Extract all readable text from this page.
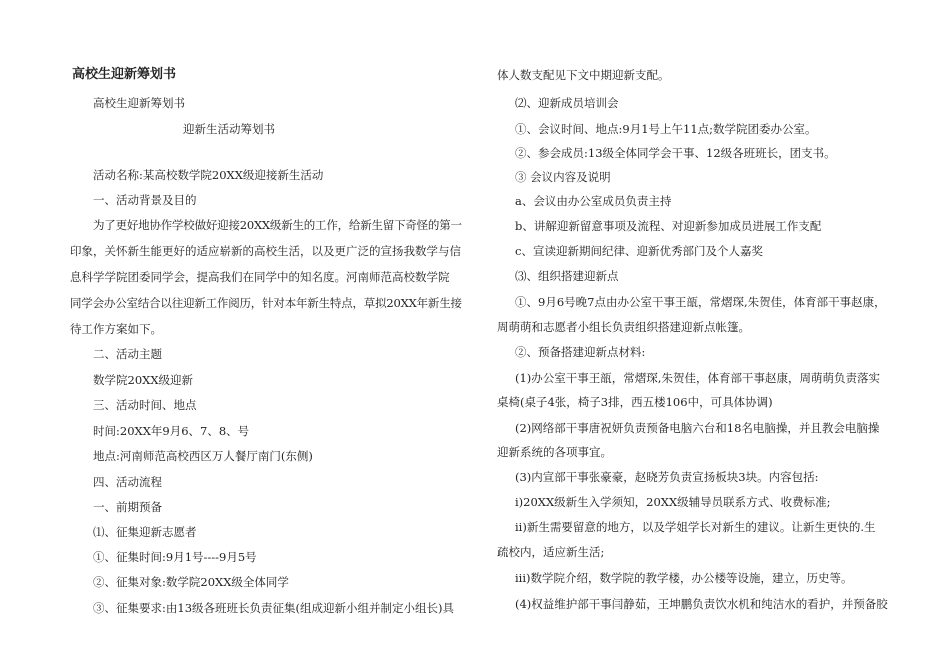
高校生迎新筹划书
高校生迎新筹划书
迎新生活动筹划书
活动名称:某高校数学院20XX级迎接新生活动
一、活动背景及目的
为了更好地协作学校做好迎接20XX级新生的工作，给新生留下奇怪的第一
印象，关怀新生能更好的适应崭新的高校生活，以及更广泛的宣扬我数学与信
息科学学院团委同学会，提高我们在同学中的知名度。河南师范高校数学院
同学会办公室结合以往迎新工作阅历，针对本年新生特点，草拟20XX年新生接
待工作方案如下。
二、活动主题
数学院20XX级迎新
三、活动时间、地点
时间:20XX年9月6、7、8、号
地点:河南师范高校西区万人餐厅南门(东侧)
四、活动流程
一、前期预备
⑴、征集迎新志愿者
①、征集时间:9月1号----9月5号
②、征集对象:数学院20XX级全体同学
③、征集要求:由13级各班班长负责征集(组成迎新小组并制定小组长)具
体人数支配见下文中期迎新支配。
⑵、迎新成员培训会
①、会议时间、地点:9月1号上午11点;数学院团委办公室。
②、参会成员:13级全体同学会干事、12级各班班长，团支书。
③ 会议内容及说明
a、会议由办公室成员负责主持
b、讲解迎新留意事项及流程、对迎新参加成员进展工作支配
c、宣读迎新期间纪律、迎新优秀部门及个人嘉奖
⑶、组织搭建迎新点
①、9月6号晚7点由办公室干事王瓿，常熠琛,朱贺佳，体育部干事赵康，
周萌萌和志愿者小组长负责组织搭建迎新点帐篷。
②、预备搭建迎新点材料:
(1)办公室干事王瓿，常熠琛,朱贺佳，体育部干事赵康，周萌萌负责落实
桌椅(桌子4张，椅子3排，西五楼106中，可具体协调)
(2)网络部干事唐祝妍负责预备电脑六台和18名电脑操，并且教会电脑操
迎新系统的各项事宜。
(3)内宣部干事张豪豪，赵晓芳负责宣扬板块3块。内容包括:
i)20XX级新生入学须知，20XX级辅导员联系方式、收费标准;
ii)新生需要留意的地方，以及学姐学长对新生的建议。让新生更快的.生
疏校内，适应新生活;
iii)数学院介绍，数学院的教学楼，办公楼等设施，建立，历史等。
(4)权益维护部干事闫静茹，王坤鹏负责饮水机和纯洁水的看护，并预备胶
